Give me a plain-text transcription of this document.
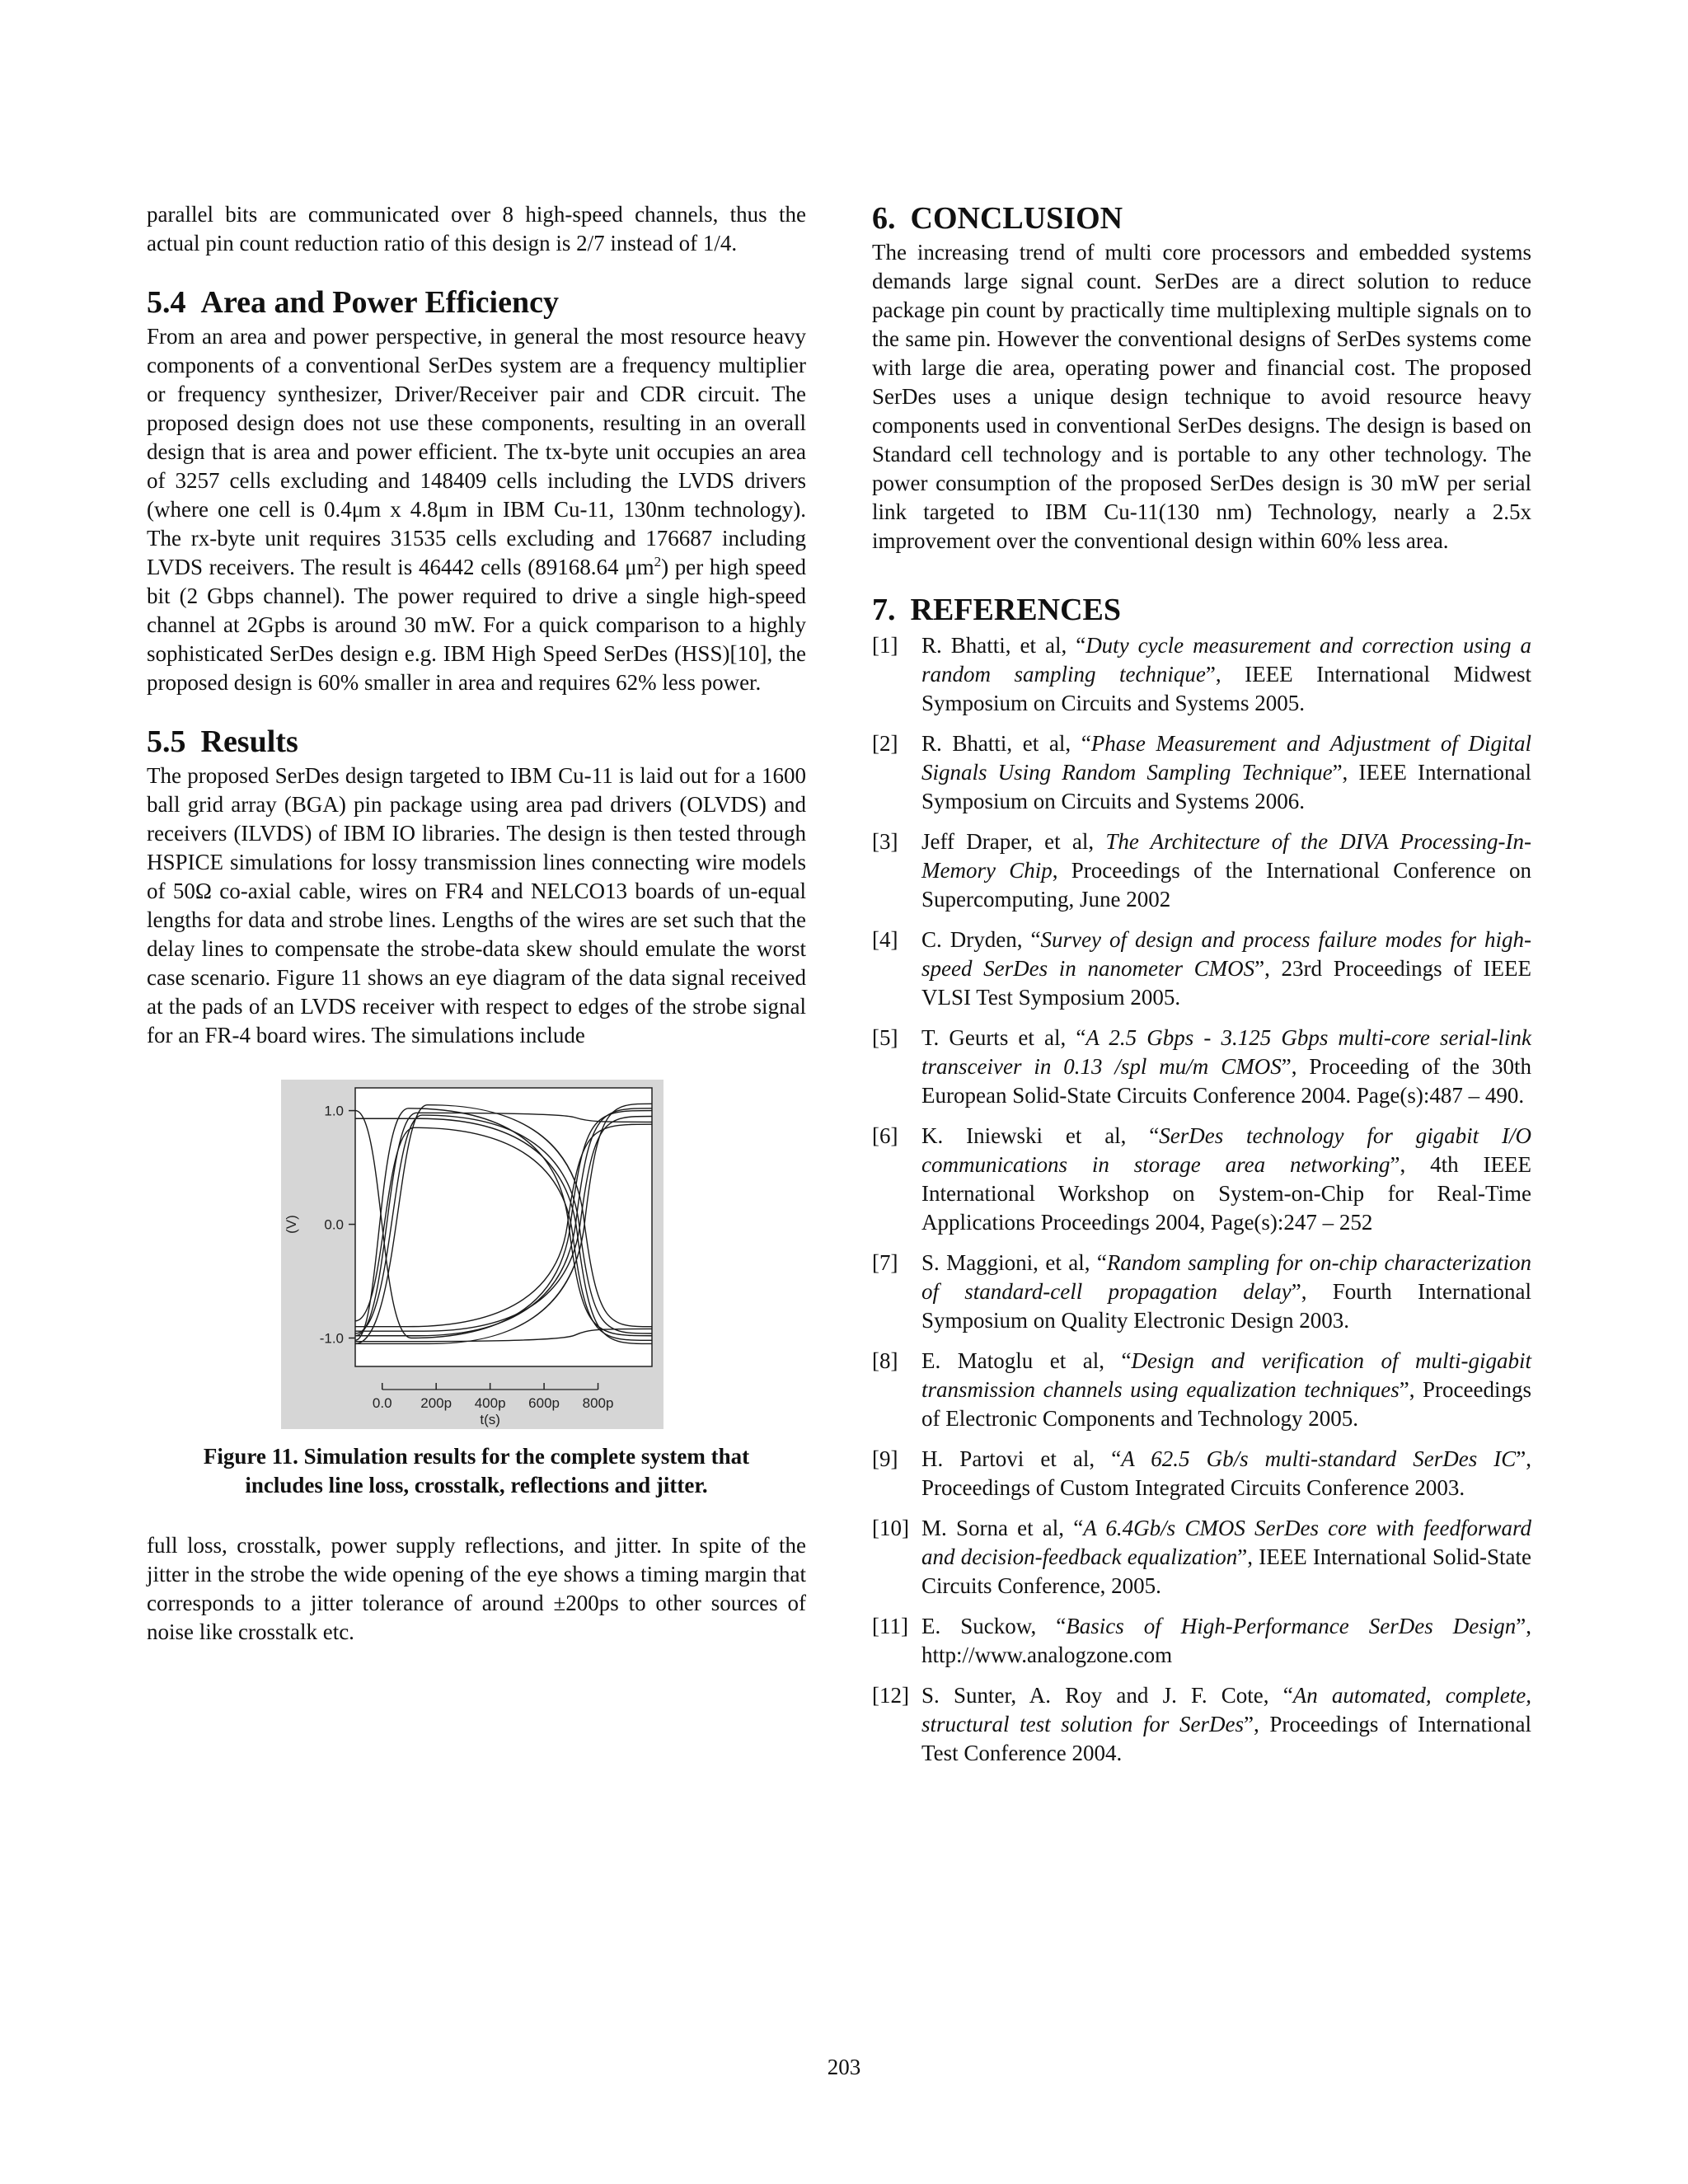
parallel bits are communicated over 8 high-speed channels, thus the actual pin count reduction ratio of this design is 2/7 instead of 1/4.

5.4 Area and Power Efficiency

From an area and power perspective, in general the most resource heavy components of a conventional SerDes system are a frequency multiplier or frequency synthesizer, Driver/Receiver pair and CDR circuit. The proposed design does not use these components, resulting in an overall design that is area and power efficient. The tx-byte unit occupies an area of 3257 cells excluding and 148409 cells including the LVDS drivers (where one cell is 0.4μm x 4.8μm in IBM Cu-11, 130nm technology). The rx-byte unit requires 31535 cells excluding and 176687 including LVDS receivers. The result is 46442 cells (89168.64 $\mu m^2$) per high speed bit (2 Gbps channel). The power required to drive a single high-speed channel at 2Gpbs is around 30 mW. For a quick comparison to a highly sophisticated SerDes design e.g. IBM High Speed SerDes (HSS)[10], the proposed design is 60% smaller in area and requires 62% less power.

5.5 Results

The proposed SerDes design targeted to IBM Cu-11 is laid out for a 1600 ball grid array (BGA) pin package using area pad drivers (OLVDS) and receivers (ILVDS) of IBM IO libraries. The design is then tested through HSPICE simulations for lossy transmission lines connecting wire models of 50Ω co-axial cable, wires on FR4 and NELCO13 boards of un-equal lengths for data and strobe lines. Lengths of the wires are set such that the delay lines to compensate the strobe-data skew should emulate the worst case scenario. Figure 11 shows an eye diagram of the data signal received at the pads of an LVDS receiver with respect to edges of the strobe signal for an FR-4 board wires. The simulations include

1.0
0.0
-1.0
0.0 200p 400p 600p 800p
t(s)
(V)
Figure 11. Simulation results for the complete system that includes line loss, crosstalk, reflections and jitter.

full loss, crosstalk, power supply reflections, and jitter. In spite of the jitter in the strobe the wide opening of the eye shows a timing margin that corresponds to a jitter tolerance of around ±200ps to other sources of noise like crosstalk etc.

6. CONCLUSION

The increasing trend of multi core processors and embedded systems demands large signal count. SerDes are a direct solution to reduce package pin count by practically time multiplexing multiple signals on to the same pin. However the conventional designs of SerDes systems come with large die area, operating power and financial cost. The proposed SerDes uses a unique design technique to avoid resource heavy components used in conventional SerDes designs. The design is based on Standard cell technology and is portable to any other technology. The power consumption of the proposed SerDes design is 30 mW per serial link targeted to IBM Cu-11(130 nm) Technology, nearly a 2.5x improvement over the conventional design within 60% less area.

7. REFERENCES
[1]	R. Bhatti, et al, “Duty cycle measurement and correction using a random sampling technique”, IEEE International Midwest Symposium on Circuits and Systems 2005.
[2]	R. Bhatti, et al, “Phase Measurement and Adjustment of Digital Signals Using Random Sampling Technique”, IEEE International Symposium on Circuits and Systems 2006.
[3]	Jeff Draper, et al, The Architecture of the DIVA Processing-In-Memory Chip, Proceedings of the International Conference on Supercomputing, June 2002
[4]	C. Dryden, “Survey of design and process failure modes for high-speed SerDes in nanometer CMOS”, 23rd Proceedings of IEEE VLSI Test Symposium 2005.
[5]	T. Geurts et al, “A 2.5 Gbps - 3.125 Gbps multi-core serial-link transceiver in 0.13 /spl mu/m CMOS”, Proceeding of the 30th European Solid-State Circuits Conference 2004. Page(s):487 – 490.
[6]	K. Iniewski et al, “SerDes technology for gigabit I/O communications in storage area networking”, 4th IEEE International Workshop on System-on-Chip for Real-Time Applications Proceedings 2004, Page(s):247 – 252
[7]	S. Maggioni, et al, “Random sampling for on-chip characterization of standard-cell propagation delay”, Fourth International Symposium on Quality Electronic Design 2003.
[8]	E. Matoglu et al, “Design and verification of multi-gigabit transmission channels using equalization techniques”, Proceedings of Electronic Components and Technology 2005.
[9]	H. Partovi et al, “A 62.5 Gb/s multi-standard SerDes IC”, Proceedings of Custom Integrated Circuits Conference 2003.
[10] M. Sorna et al, “A 6.4Gb/s CMOS SerDes core with feedforward and decision-feedback equalization”, IEEE International Solid-State Circuits Conference, 2005.
[11] E. Suckow, “Basics of High-Performance SerDes Design”, http://www.analogzone.com
[12] S. Sunter, A. Roy and J. F. Cote, “An automated, complete, structural test solution for SerDes”, Proceedings of International Test Conference 2004.
203
